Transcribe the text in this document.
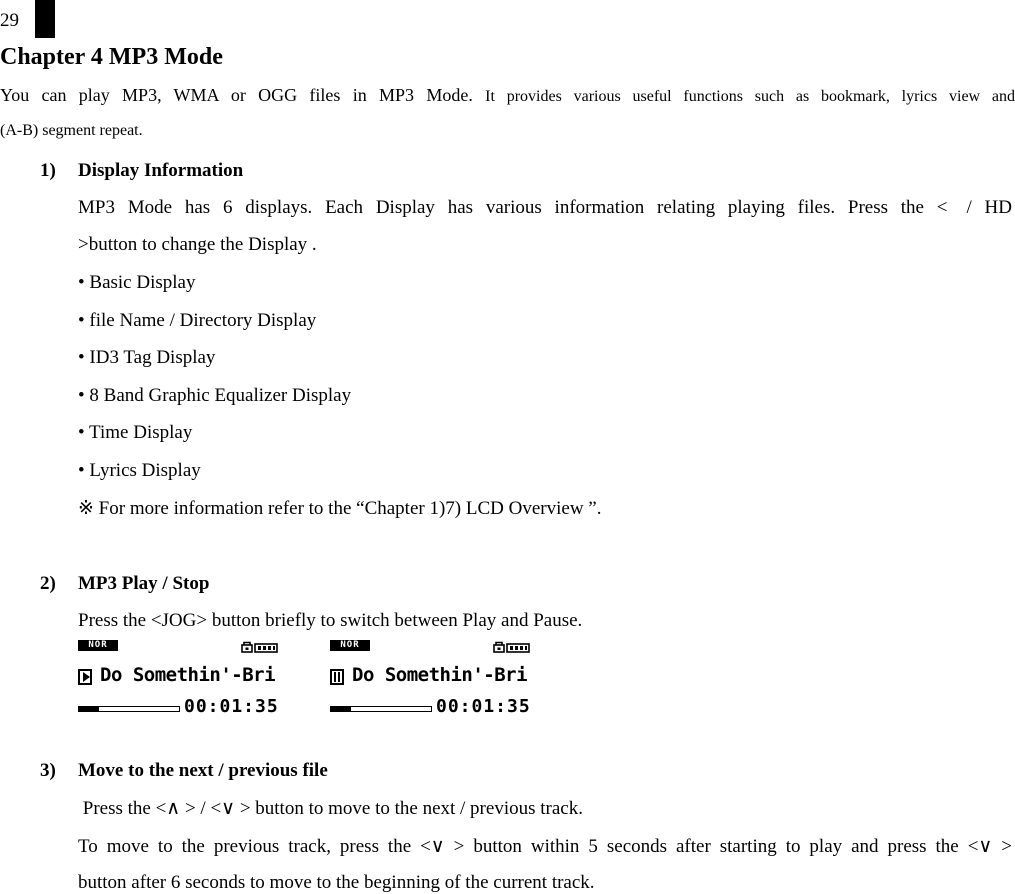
29
Chapter 4 MP3 Mode
You can play MP3, WMA or OGG files in MP3 Mode. It provides various useful functions such as bookmark, lyrics view and
(A-B) segment repeat.
1) Display Information
MP3 Mode has 6 displays. Each Display has various information relating playing files. Press the < / HD
>button to change the Display .
• Basic Display
• file Name / Directory Display
• ID3 Tag Display
• 8 Band Graphic Equalizer Display
• Time Display
• Lyrics Display
※ For more information refer to the “Chapter 1)7) LCD Overview ”.
2) MP3 Play / Stop
Press the <JOG> button briefly to switch between Play and Pause.
NOR
Do Somethin'-Bri
00:01:35
NOR
Do Somethin'-Bri
00:01:35
3) Move to the next / previous file
Press the <∧ > / <∨ > button to move to the next / previous track.
To move to the previous track, press the <∨ > button within 5 seconds after starting to play and press the <∨ >
button after 6 seconds to move to the beginning of the current track.
